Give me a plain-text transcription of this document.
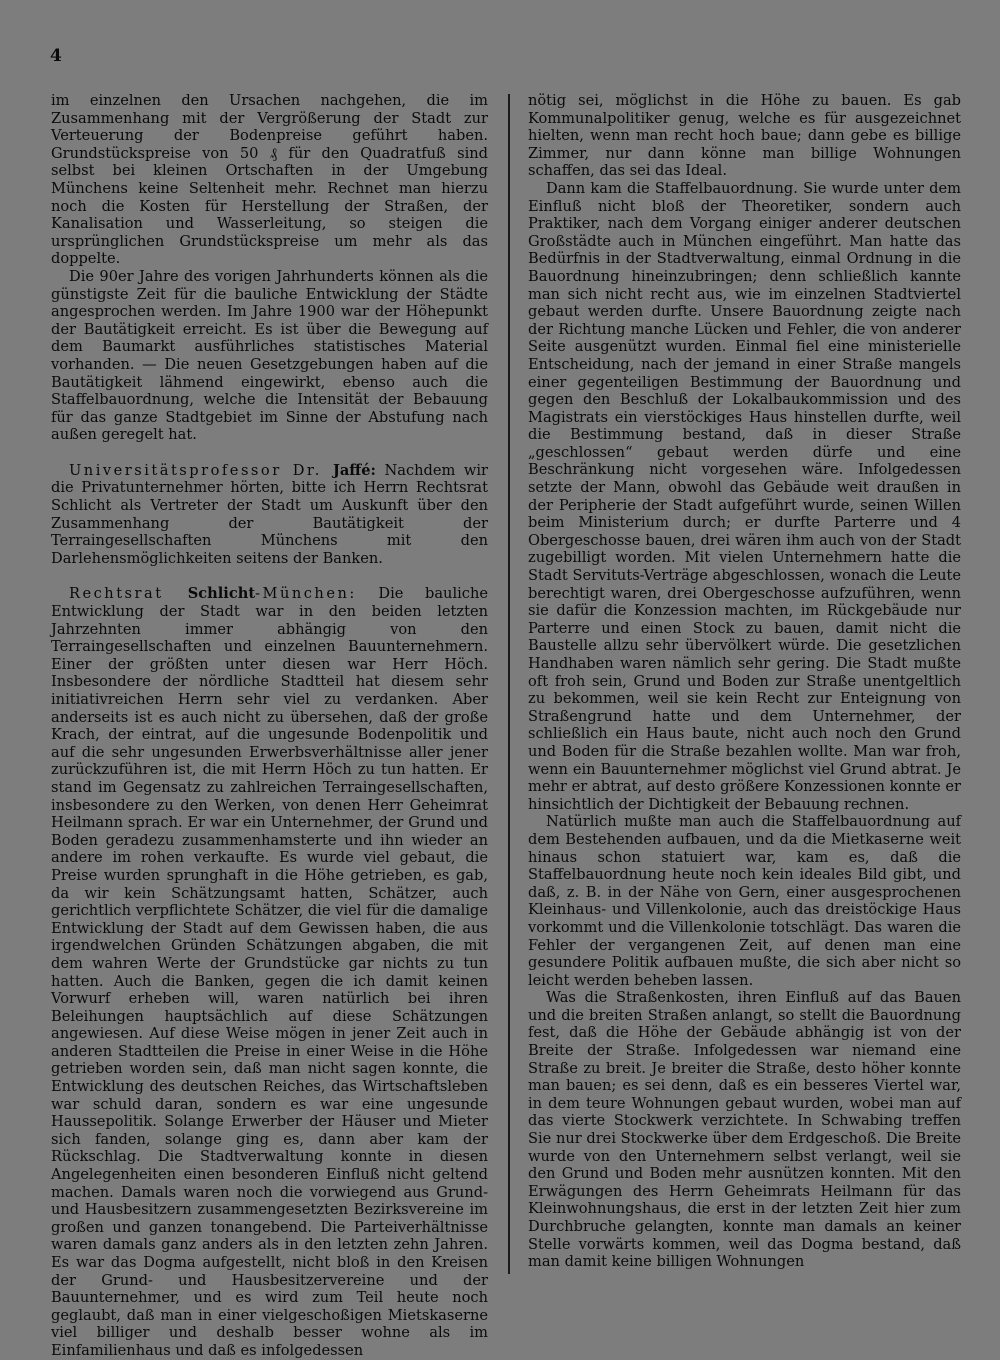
4

im einzelnen den Ursachen nachgehen, die im Zusammenhang mit der Vergrößerung der Stadt zur Verteuerung der Bodenpreise geführt haben. Grundstückspreise von 50 ₰ für den Quadratfuß sind selbst bei kleinen Ortschaften in der Umgebung Münchens keine Seltenheit mehr. Rechnet man hierzu noch die Kosten für Herstellung der Straßen, der Kanalisation und Wasserleitung, so steigen die ursprünglichen Grundstückspreise um mehr als das doppelte.

Die 90er Jahre des vorigen Jahrhunderts können als die günstigste Zeit für die bauliche Entwicklung der Städte angesprochen werden. Im Jahre 1900 war der Höhepunkt der Bautätigkeit erreicht. Es ist über die Bewegung auf dem Baumarkt ausführliches statistisches Material vorhanden. — Die neuen Gesetzgebungen haben auf die Bautätigkeit lähmend eingewirkt, ebenso auch die Staffelbauordnung, welche die Intensität der Bebauung für das ganze Stadtgebiet im Sinne der Abstufung nach außen geregelt hat.

Universitätsprofessor Dr. Jaffé: Nachdem wir die Privatunternehmer hörten, bitte ich Herrn Rechtsrat Schlicht als Vertreter der Stadt um Auskunft über den Zusammenhang der Bautätigkeit der Terraingesellschaften Münchens mit den Darlehensmöglichkeiten seitens der Banken.

Rechtsrat Schlicht-München: Die bauliche Entwicklung der Stadt war in den beiden letzten Jahrzehnten immer abhängig von den Terraingesellschaften und einzelnen Bauunternehmern. Einer der größten unter diesen war Herr Höch. Insbesondere der nördliche Stadtteil hat diesem sehr initiativreichen Herrn sehr viel zu verdanken. Aber anderseits ist es auch nicht zu übersehen, daß der große Krach, der eintrat, auf die ungesunde Bodenpolitik und auf die sehr ungesunden Erwerbsverhältnisse aller jener zurückzuführen ist, die mit Herrn Höch zu tun hatten. Er stand im Gegensatz zu zahlreichen Terraingesellschaften, insbesondere zu den Werken, von denen Herr Geheimrat Heilmann sprach. Er war ein Unternehmer, der Grund und Boden geradezu zusammenhamsterte und ihn wieder an andere im rohen verkaufte. Es wurde viel gebaut, die Preise wurden sprunghaft in die Höhe getrieben, es gab, da wir kein Schätzungsamt hatten, Schätzer, auch gerichtlich verpflichtete Schätzer, die viel für die damalige Entwicklung der Stadt auf dem Gewissen haben, die aus irgendwelchen Gründen Schätzungen abgaben, die mit dem wahren Werte der Grundstücke gar nichts zu tun hatten. Auch die Banken, gegen die ich damit keinen Vorwurf erheben will, waren natürlich bei ihren Beleihungen hauptsächlich auf diese Schätzungen angewiesen. Auf diese Weise mögen in jener Zeit auch in anderen Stadtteilen die Preise in einer Weise in die Höhe getrieben worden sein, daß man nicht sagen konnte, die Entwicklung des deutschen Reiches, das Wirtschaftsleben war schuld daran, sondern es war eine ungesunde Haussepolitik. Solange Erwerber der Häuser und Mieter sich fanden, solange ging es, dann aber kam der Rückschlag. Die Stadtverwaltung konnte in diesen Angelegenheiten einen besonderen Einfluß nicht geltend machen. Damals waren noch die vorwiegend aus Grund- und Hausbesitzern zusammengesetzten Bezirksvereine im großen und ganzen tonangebend. Die Parteiverhältnisse waren damals ganz anders als in den letzten zehn Jahren. Es war das Dogma aufgestellt, nicht bloß in den Kreisen der Grund- und Hausbesitzervereine und der Bauunternehmer, und es wird zum Teil heute noch geglaubt, daß man in einer vielgeschoßigen Mietskaserne viel billiger und deshalb besser wohne als im Einfamilienhaus und daß es infolgedessen

nötig sei, möglichst in die Höhe zu bauen. Es gab Kommunalpolitiker genug, welche es für ausgezeichnet hielten, wenn man recht hoch baue; dann gebe es billige Zimmer, nur dann könne man billige Wohnungen schaffen, das sei das Ideal.

Dann kam die Staffelbauordnung. Sie wurde unter dem Einfluß nicht bloß der Theoretiker, sondern auch Praktiker, nach dem Vorgang einiger anderer deutschen Großstädte auch in München eingeführt. Man hatte das Bedürfnis in der Stadtverwaltung, einmal Ordnung in die Bauordnung hineinzubringen; denn schließlich kannte man sich nicht recht aus, wie im einzelnen Stadtviertel gebaut werden durfte. Unsere Bauordnung zeigte nach der Richtung manche Lücken und Fehler, die von anderer Seite ausgenützt wurden. Einmal fiel eine ministerielle Entscheidung, nach der jemand in einer Straße mangels einer gegenteiligen Bestimmung der Bauordnung und gegen den Beschluß der Lokalbaukommission und des Magistrats ein vierstöckiges Haus hinstellen durfte, weil die Bestimmung bestand, daß in dieser Straße „geschlossen“ gebaut werden dürfe und eine Beschränkung nicht vorgesehen wäre. Infolgedessen setzte der Mann, obwohl das Gebäude weit draußen in der Peripherie der Stadt aufgeführt wurde, seinen Willen beim Ministerium durch; er durfte Parterre und 4 Obergeschosse bauen, drei wären ihm auch von der Stadt zugebilligt worden. Mit vielen Unternehmern hatte die Stadt Servituts-Verträge abgeschlossen, wonach die Leute berechtigt waren, drei Obergeschosse aufzuführen, wenn sie dafür die Konzession machten, im Rückgebäude nur Parterre und einen Stock zu bauen, damit nicht die Baustelle allzu sehr übervölkert würde. Die gesetzlichen Handhaben waren nämlich sehr gering. Die Stadt mußte oft froh sein, Grund und Boden zur Straße unentgeltlich zu bekommen, weil sie kein Recht zur Enteignung von Straßengrund hatte und dem Unternehmer, der schließlich ein Haus baute, nicht auch noch den Grund und Boden für die Straße bezahlen wollte. Man war froh, wenn ein Bauunternehmer möglichst viel Grund abtrat. Je mehr er abtrat, auf desto größere Konzessionen konnte er hinsichtlich der Dichtigkeit der Bebauung rechnen.

Natürlich mußte man auch die Staffelbauordnung auf dem Bestehenden aufbauen, und da die Mietkaserne weit hinaus schon statuiert war, kam es, daß die Staffelbauordnung heute noch kein ideales Bild gibt, und daß, z. B. in der Nähe von Gern, einer ausgesprochenen Kleinhaus- und Villenkolonie, auch das dreistöckige Haus vorkommt und die Villenkolonie totschlägt. Das waren die Fehler der vergangenen Zeit, auf denen man eine gesundere Politik aufbauen mußte, die sich aber nicht so leicht werden beheben lassen.

Was die Straßenkosten, ihren Einfluß auf das Bauen und die breiten Straßen anlangt, so stellt die Bauordnung fest, daß die Höhe der Gebäude abhängig ist von der Breite der Straße. Infolgedessen war niemand eine Straße zu breit. Je breiter die Straße, desto höher konnte man bauen; es sei denn, daß es ein besseres Viertel war, in dem teure Wohnungen gebaut wurden, wobei man auf das vierte Stockwerk verzichtete. In Schwabing treffen Sie nur drei Stockwerke über dem Erdgeschoß. Die Breite wurde von den Unternehmern selbst verlangt, weil sie den Grund und Boden mehr ausnützen konnten. Mit den Erwägungen des Herrn Geheimrats Heilmann für das Kleinwohnungshaus, die erst in der letzten Zeit hier zum Durchbruche gelangten, konnte man damals an keiner Stelle vorwärts kommen, weil das Dogma bestand, daß man damit keine billigen Wohnungen
